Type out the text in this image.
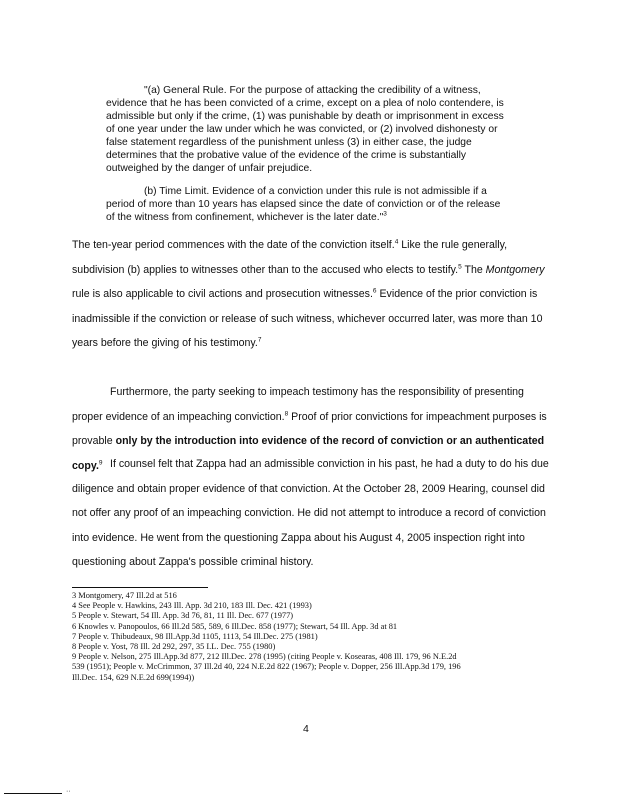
"(a) General Rule. For the purpose of attacking the credibility of a witness,
evidence that he has been convicted of a crime, except on a plea of nolo contendere, is
admissible but only if the crime, (1) was punishable by death or imprisonment in excess
of one year under the law under which he was convicted, or (2) involved dishonesty or
false statement regardless of the punishment unless (3) in either case, the judge
determines that the probative value of the evidence of the crime is substantially
outweighed by the danger of unfair prejudice.
(b) Time Limit. Evidence of a conviction under this rule is not admissible if a
period of more than 10 years has elapsed since the date of conviction or of the release
of the witness from confinement, whichever is the later date."$^3$
The ten-year period commences with the date of the conviction itself.$^4$ Like the rule generally, subdivision (b) applies to witnesses other than to the accused who elects to testify.$^5$ The Montgomery rule is also applicable to civil actions and prosecution witnesses.$^6$ Evidence of the prior conviction is inadmissible if the conviction or release of such witness, whichever occurred later, was more than 10 years before the giving of his testimony.$^7$
Furthermore, the party seeking to impeach testimony has the responsibility of presenting proper evidence of an impeaching conviction.$^8$ Proof of prior convictions for impeachment purposes is provable only by the introduction into evidence of the record of conviction or an authenticated copy.$^9$ If counsel felt that Zappa had an admissible conviction in his past, he had a duty to do his due diligence and obtain proper evidence of that conviction. At the October 28, 2009 Hearing, counsel did not offer any proof of an impeaching conviction. He did not attempt to introduce a record of conviction into evidence. He went from the questioning Zappa about his August 4, 2005 inspection right into questioning about Zappa's possible criminal history.
3 Montgomery, 47 Ill.2d at 516
4 See People v. Hawkins, 243 Ill. App. 3d 210, 183 Ill. Dec. 421 (1993)
5 People v. Stewart, 54 Ill. App. 3d 76, 81, 11 Ill. Dec. 677 (1977)
6 Knowles v. Panopoulos, 66 Ill.2d 585, 589, 6 Ill.Dec. 858 (1977); Stewart, 54 Ill. App. 3d at 81
7 People v. Thibudeaux, 98 Ill.App.3d 1105, 1113, 54 Ill.Dec. 275 (1981)
8 People v. Yost, 78 Ill. 2d 292, 297, 35 I.L. Dec. 755 (1980)
9 People v. Nelson, 275 Ill.App.3d 877, 212 Ill.Dec. 278 (1995) (citing People v. Kosearas, 408 Ill. 179, 96 N.E.2d
539 (1951); People v. McCrimmon, 37 Ill.2d 40, 224 N.E.2d 822 (1967); People v. Dopper, 256 Ill.App.3d 179, 196
Ill.Dec. 154, 629 N.E.2d 699(1994))
4
··
